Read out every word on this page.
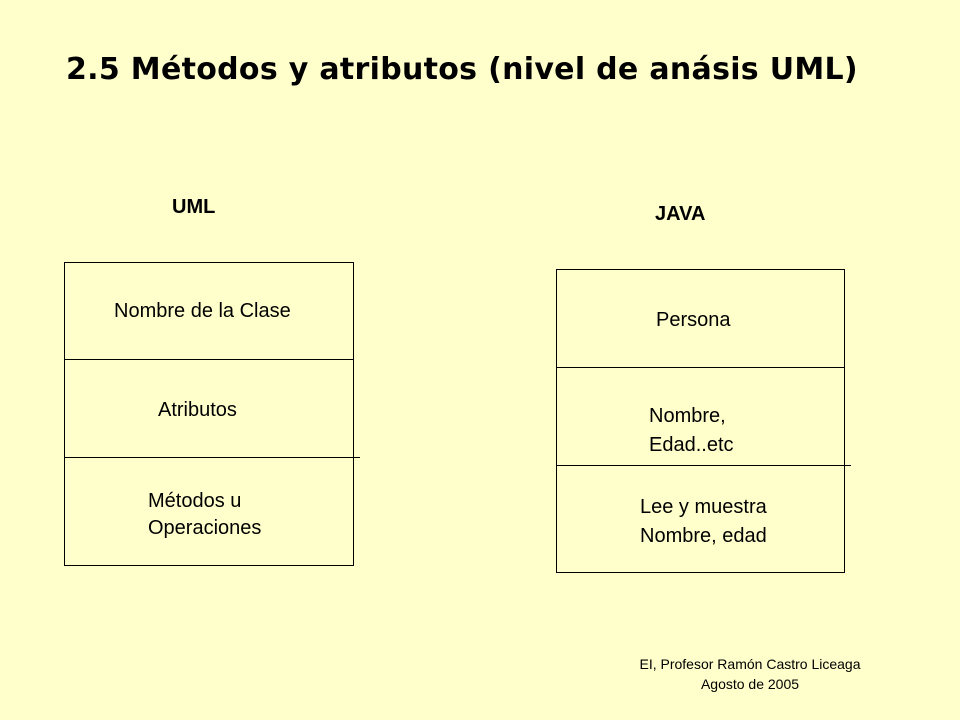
2.5 Métodos y atributos (nivel de anásis UML)
UML
Nombre de la Clase
Atributos
Métodos u
Operaciones
JAVA
Persona
Nombre,
Edad..etc
Lee y muestra
Nombre, edad
EI, Profesor Ramón Castro Liceaga
Agosto de 2005
